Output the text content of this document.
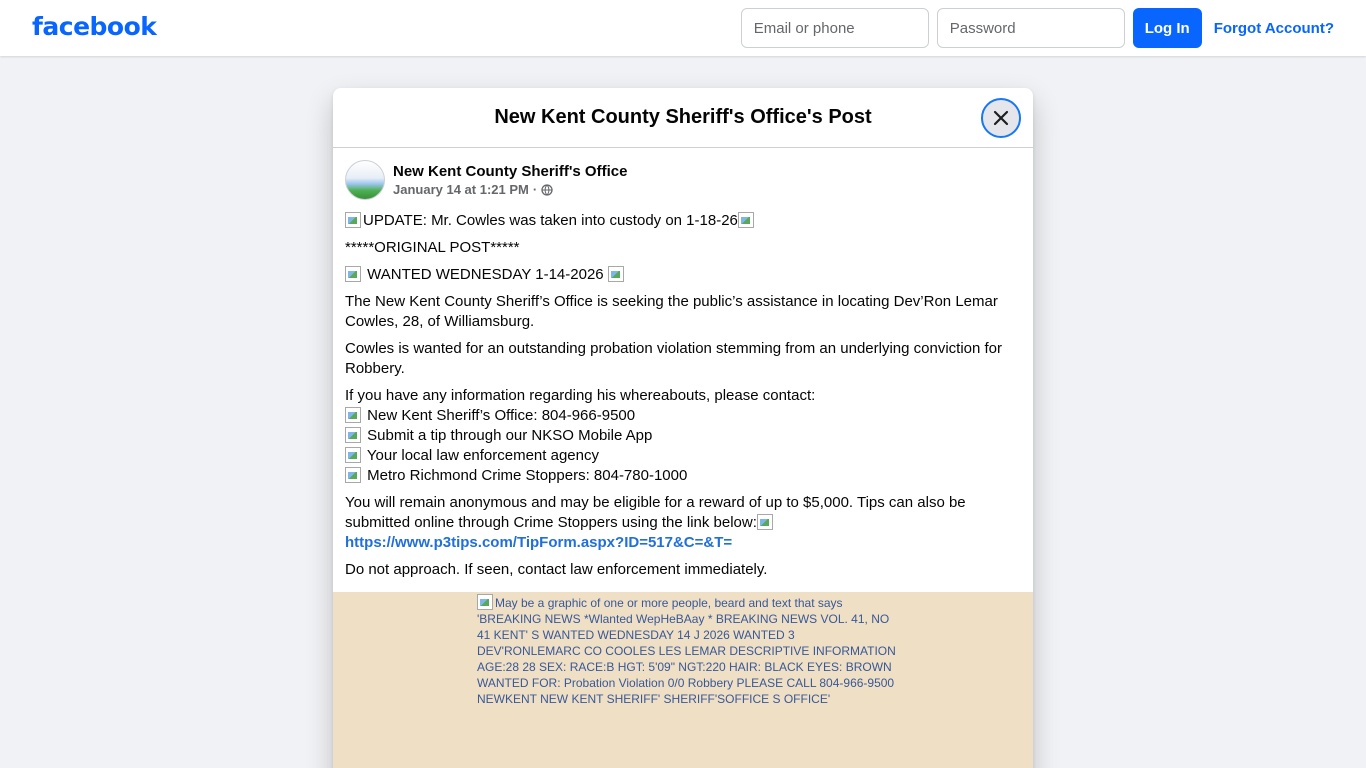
facebook
Email or phone	Log In	Forgot Account?
New Kent County Sheriff's Office's Post
New Kent County Sheriff's Office
January 14 at 1:21 PM ·

UPDATE: Mr. Cowles was taken into custody on 1-18-26

*****ORIGINAL POST*****

WANTED WEDNESDAY 1-14-2026

The New Kent County Sheriff’s Office is seeking the public’s assistance in locating Dev’Ron Lemar Cowles, 28, of Williamsburg.

Cowles is wanted for an outstanding probation violation stemming from an underlying conviction for Robbery.

If you have any information regarding his whereabouts, please contact:
New Kent Sheriff’s Office: 804-966-9500
Submit a tip through our NKSO Mobile App
Your local law enforcement agency
Metro Richmond Crime Stoppers: 804-780-1000

You will remain anonymous and may be eligible for a reward of up to $5,000. Tips can also be submitted online through Crime Stoppers using the link below:
https://www.p3tips.com/TipForm.aspx?ID=517&C=&T=

Do not approach. If seen, contact law enforcement immediately.

May be a graphic of one or more people, beard and text that says 'BREAKING NEWS *Wlanted WepHeBAay * BREAKING NEWS VOL. 41, NO 41 KENT' S WANTED WEDNESDAY 14 J 2026 WANTED 3 DEV'RONLEMARC CO COOLES LES LEMAR DESCRIPTIVE INFORMATION AGE:28 28 SEX: RACE:B HGT: 5'09" NGT:220 HAIR: BLACK EYES: BROWN WANTED FOR: Probation Violation 0/0 Robbery PLEASE CALL 804-966-9500 NEWKENT NEW KENT SHERIFF' SHERIFF'SOFFICE S OFFICE'
